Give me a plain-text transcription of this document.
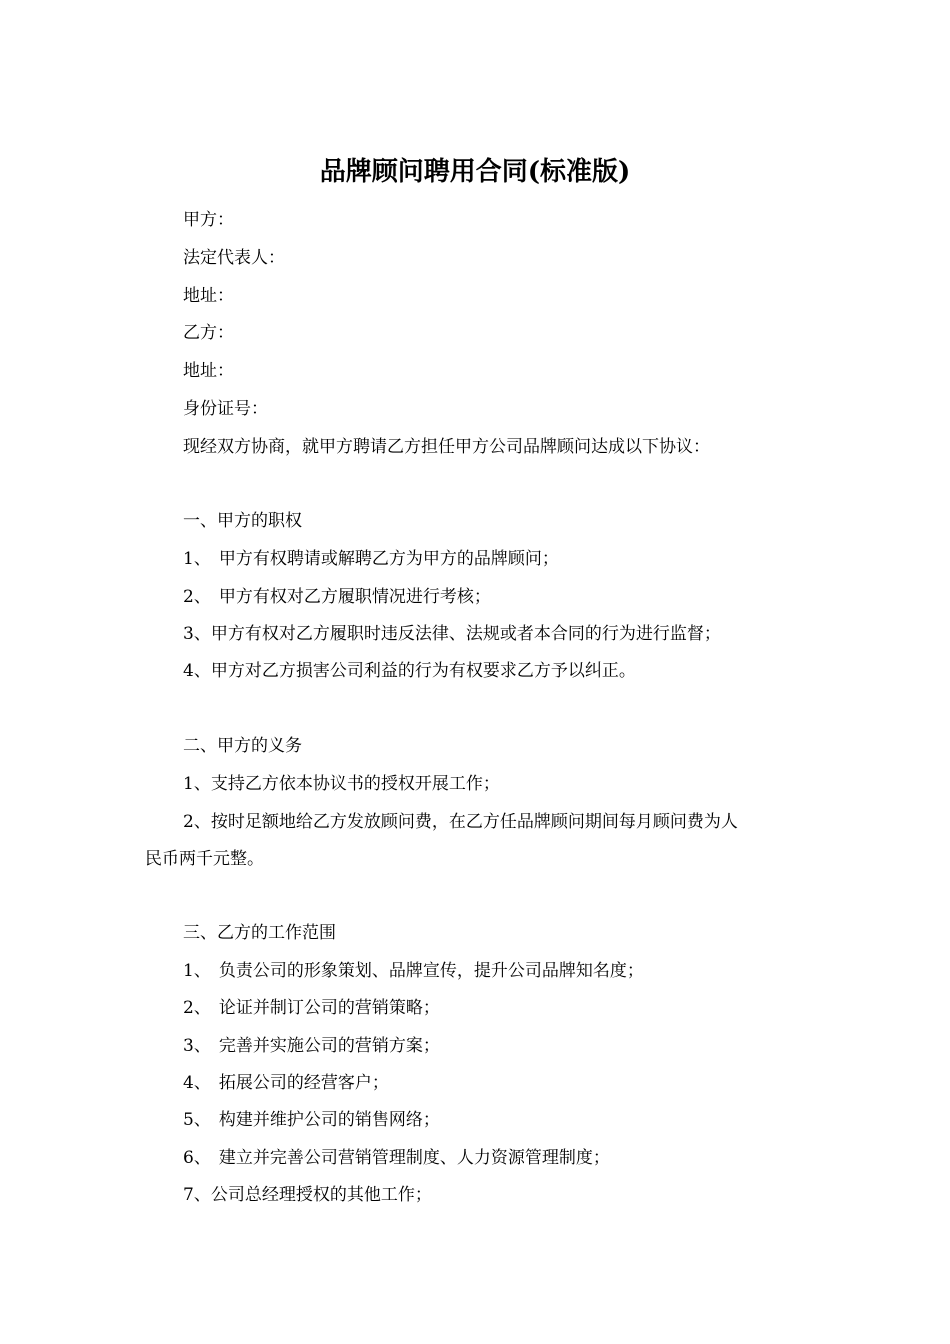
品牌顾问聘用合同(标准版)
甲方：
法定代表人：
地址：
乙方：
地址：
身份证号：
现经双方协商，就甲方聘请乙方担任甲方公司品牌顾问达成以下协议：
一、甲方的职权
1、 甲方有权聘请或解聘乙方为甲方的品牌顾问；
2、 甲方有权对乙方履职情况进行考核；
3、甲方有权对乙方履职时违反法律、法规或者本合同的行为进行监督；
4、甲方对乙方损害公司利益的行为有权要求乙方予以纠正。
二、甲方的义务
1、支持乙方依本协议书的授权开展工作；
2、按时足额地给乙方发放顾问费，在乙方任品牌顾问期间每月顾问费为人
民币两千元整。
三、乙方的工作范围
1、 负责公司的形象策划、品牌宣传，提升公司品牌知名度；
2、 论证并制订公司的营销策略；
3、 完善并实施公司的营销方案；
4、 拓展公司的经营客户；
5、 构建并维护公司的销售网络；
6、 建立并完善公司营销管理制度、人力资源管理制度；
7、公司总经理授权的其他工作；
